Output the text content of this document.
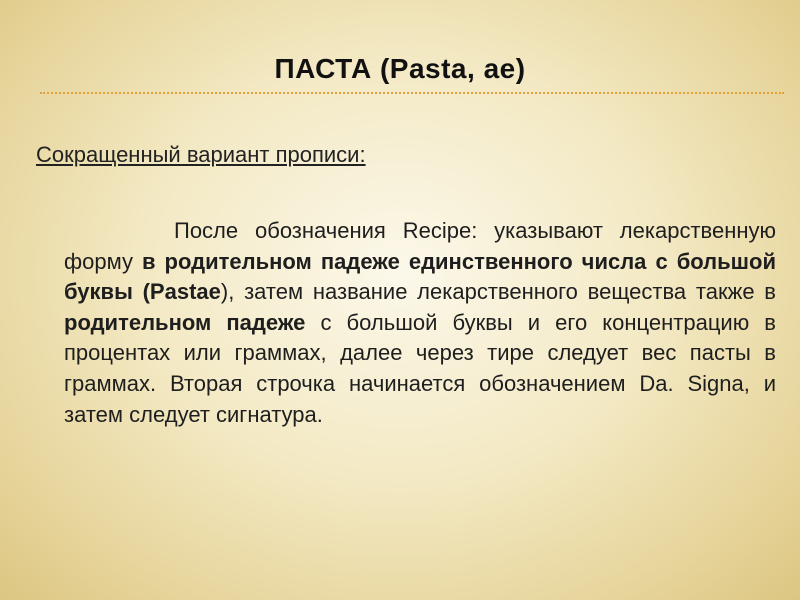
ПАСТА (Pasta, ae)
Сокращенный вариант прописи:

После обозначения Recipe: указывают лекарственную форму в родительном падеже единственного числа с большой буквы (Pastae), затем название лекарственного вещества также в родительном падеже с большой буквы и его концентрацию в процентах или граммах, далее через тире следует вес пасты в граммах. Вторая строчка начинается обозначением Da. Signa, и затем следует сигнатура.
